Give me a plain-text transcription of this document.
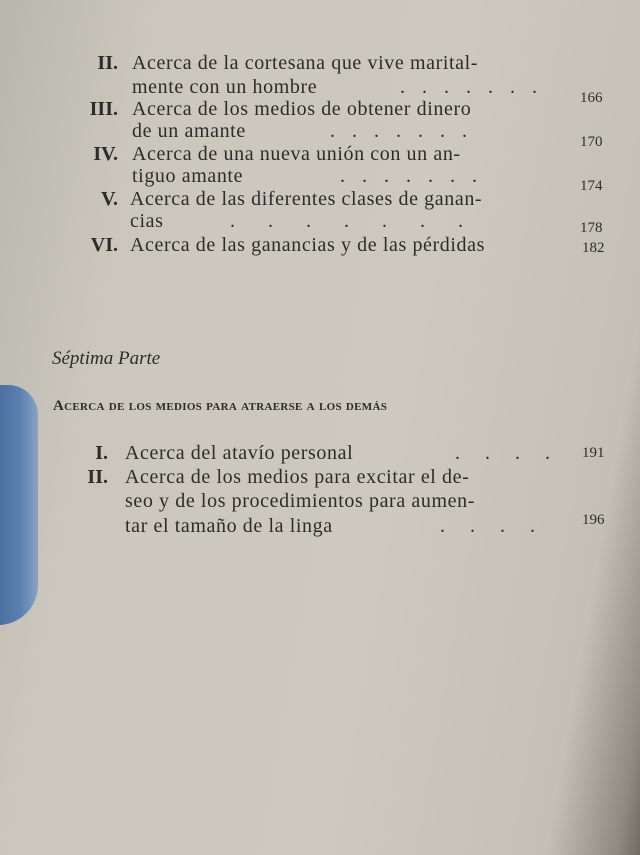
II. Acerca de la cortesana que vive marital-
mente con un hombre	. . . . . . . 166
III. Acerca de los medios de obtener dinero
de un amante	. . . . . . .	170
IV. Acerca de una nueva unión con un an-
tiguo amante	. . . . . . .	174
V. Acerca de las diferentes clases de ganan-
cias	. . . . . . .	178
VI. Acerca de las ganancias y de las pérdidas	182
Séptima Parte
Acerca de los medios para atraerse a los demás
I. Acerca del atavío personal	. . . . 191
II. Acerca de los medios para excitar el de-
seo y de los procedimientos para aumen-
tar el tamaño de la linga	. . . . 196
